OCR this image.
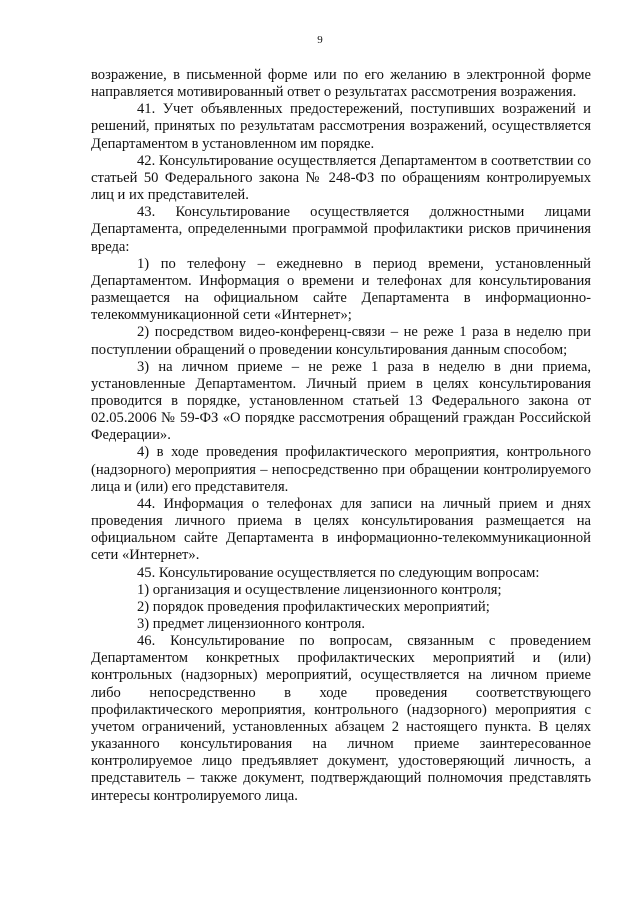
9

возражение, в письменной форме или по его желанию в электронной форме направляется мотивированный ответ о результатах рассмотрения возражения.

41. Учет объявленных предостережений, поступивших возражений и решений, принятых по результатам рассмотрения возражений, осуществляется Департаментом в установленном им порядке.

42. Консультирование осуществляется Департаментом в соответствии со статьей 50 Федерального закона № 248-ФЗ по обращениям контролируемых лиц и их представителей.

43. Консультирование осуществляется должностными лицами Департамента, определенными программой профилактики рисков причинения вреда:

1) по телефону – ежедневно в период времени, установленный Департаментом. Информация о времени и телефонах для консультирования размещается на официальном сайте Департамента в информационно-телекоммуникационной сети «Интернет»;

2) посредством видео-конференц-связи – не реже 1 раза в неделю при поступлении обращений о проведении консультирования данным способом;

3) на личном приеме – не реже 1 раза в неделю в дни приема, установленные Департаментом. Личный прием в целях консультирования проводится в порядке, установленном статьей 13 Федерального закона от 02.05.2006 № 59-ФЗ «О порядке рассмотрения обращений граждан Российской Федерации».

4) в ходе проведения профилактического мероприятия, контрольного (надзорного) мероприятия – непосредственно при обращении контролируемого лица и (или) его представителя.

44. Информация о телефонах для записи на личный прием и днях проведения личного приема в целях консультирования размещается на официальном сайте Департамента в информационно-телекоммуникационной сети «Интернет».

45. Консультирование осуществляется по следующим вопросам:

1) организация и осуществление лицензионного контроля;

2) порядок проведения профилактических мероприятий;

3) предмет лицензионного контроля.

46. Консультирование по вопросам, связанным с проведением Департаментом конкретных профилактических мероприятий и (или) контрольных (надзорных) мероприятий, осуществляется на личном приеме либо непосредственно в ходе проведения соответствующего профилактического мероприятия, контрольного (надзорного) мероприятия с учетом ограничений, установленных абзацем 2 настоящего пункта. В целях указанного консультирования на личном приеме заинтересованное контролируемое лицо предъявляет документ, удостоверяющий личность, а представитель – также документ, подтверждающий полномочия представлять интересы контролируемого лица.
